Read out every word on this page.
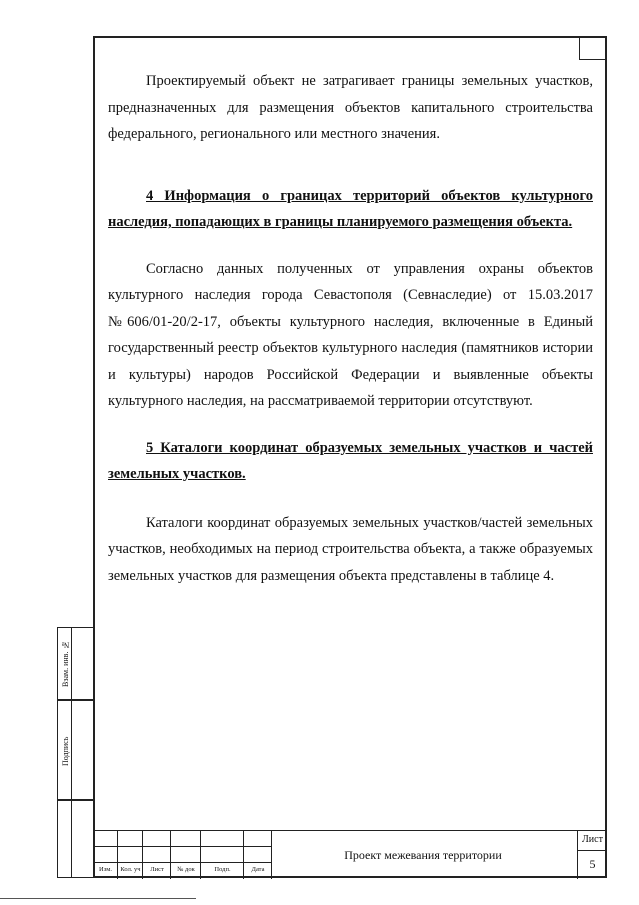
Проектируемый объект не затрагивает границы земельных участков, предназначенных для размещения объектов капитального строительства федерального, регионального или местного значения.

4 Информация о границах территорий объектов культурного наследия, попадающих в границы планируемого размещения объекта.

Согласно данных полученных от управления охраны объектов культурного наследия города Севастополя (Севнаследие) от 15.03.2017 №606/01-20/2-17, объекты культурного наследия, включенные в Единый государственный реестр объектов культурного наследия (памятников истории и культуры) народов Российской Федерации и выявленные объекты культурного наследия, на рассматриваемой территории отсутствуют.

5 Каталоги координат образуемых земельных участков и частей земельных участков.

Каталоги координат образуемых земельных участков/частей земельных участков, необходимых на период строительства объекта, а также образуемых земельных участков для размещения объекта представлены в таблице 4.

Взам. инв. №
Подпись
Изм.	Кол. уч	Лист	№ док	Подп.	Дата
Проект межевания территории
Лист
5
